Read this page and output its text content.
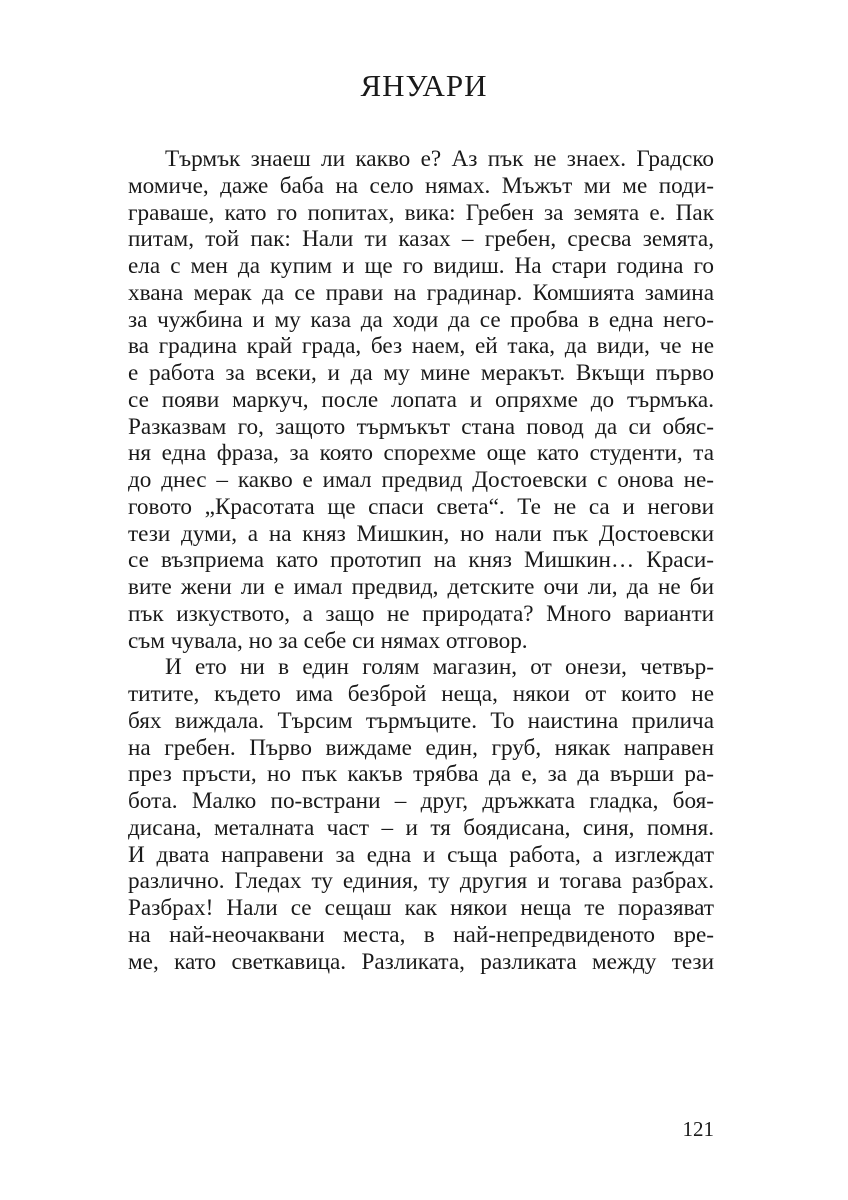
ЯНУАРИ
Търмък знаеш ли какво е? Аз пък не знаех. Градско
момиче, даже баба на село нямах. Мъжът ми ме поди-
граваше, като го попитах, вика: Гребен за земята е. Пак
питам, той пак: Нали ти казах – гребен, сресва земята,
ела с мен да купим и ще го видиш. На стари година го
хвана мерак да се прави на градинар. Комшията замина
за чужбина и му каза да ходи да се пробва в една него-
ва градина край града, без наем, ей така, да види, че не
е работа за всеки, и да му мине меракът. Вкъщи първо
се появи маркуч, после лопата и опряхме до търмъка.
Разказвам го, защото търмъкът стана повод да си обяс-
ня една фраза, за която спорехме още като студенти, та
до днес – какво е имал предвид Достоевски с онова не-
говото „Красотата ще спаси света“. Те не са и негови
тези думи, а на княз Мишкин, но нали пък Достоевски
се възприема като прототип на княз Мишкин… Краси-
вите жени ли е имал предвид, детските очи ли, да не би
пък изкуството, а защо не природата? Много варианти
съм чувала, но за себе си нямах отговор.
И ето ни в един голям магазин, от онези, четвър-
титите, където има безброй неща, някои от които не
бях виждала. Търсим търмъците. То наистина прилича
на гребен. Първо виждаме един, груб, някак направен
през пръсти, но пък какъв трябва да е, за да върши ра-
бота. Малко по-встрани – друг, дръжката гладка, боя-
дисана, металната част – и тя боядисана, синя, помня.
И двата направени за една и съща работа, а изглеждат
различно. Гледах ту единия, ту другия и тогава разбрах.
Разбрах! Нали се сещаш как някои неща те поразяват
на най-неочаквани места, в най-непредвиденото вре-
ме, като светкавица. Разликата, разликата между тези
121
